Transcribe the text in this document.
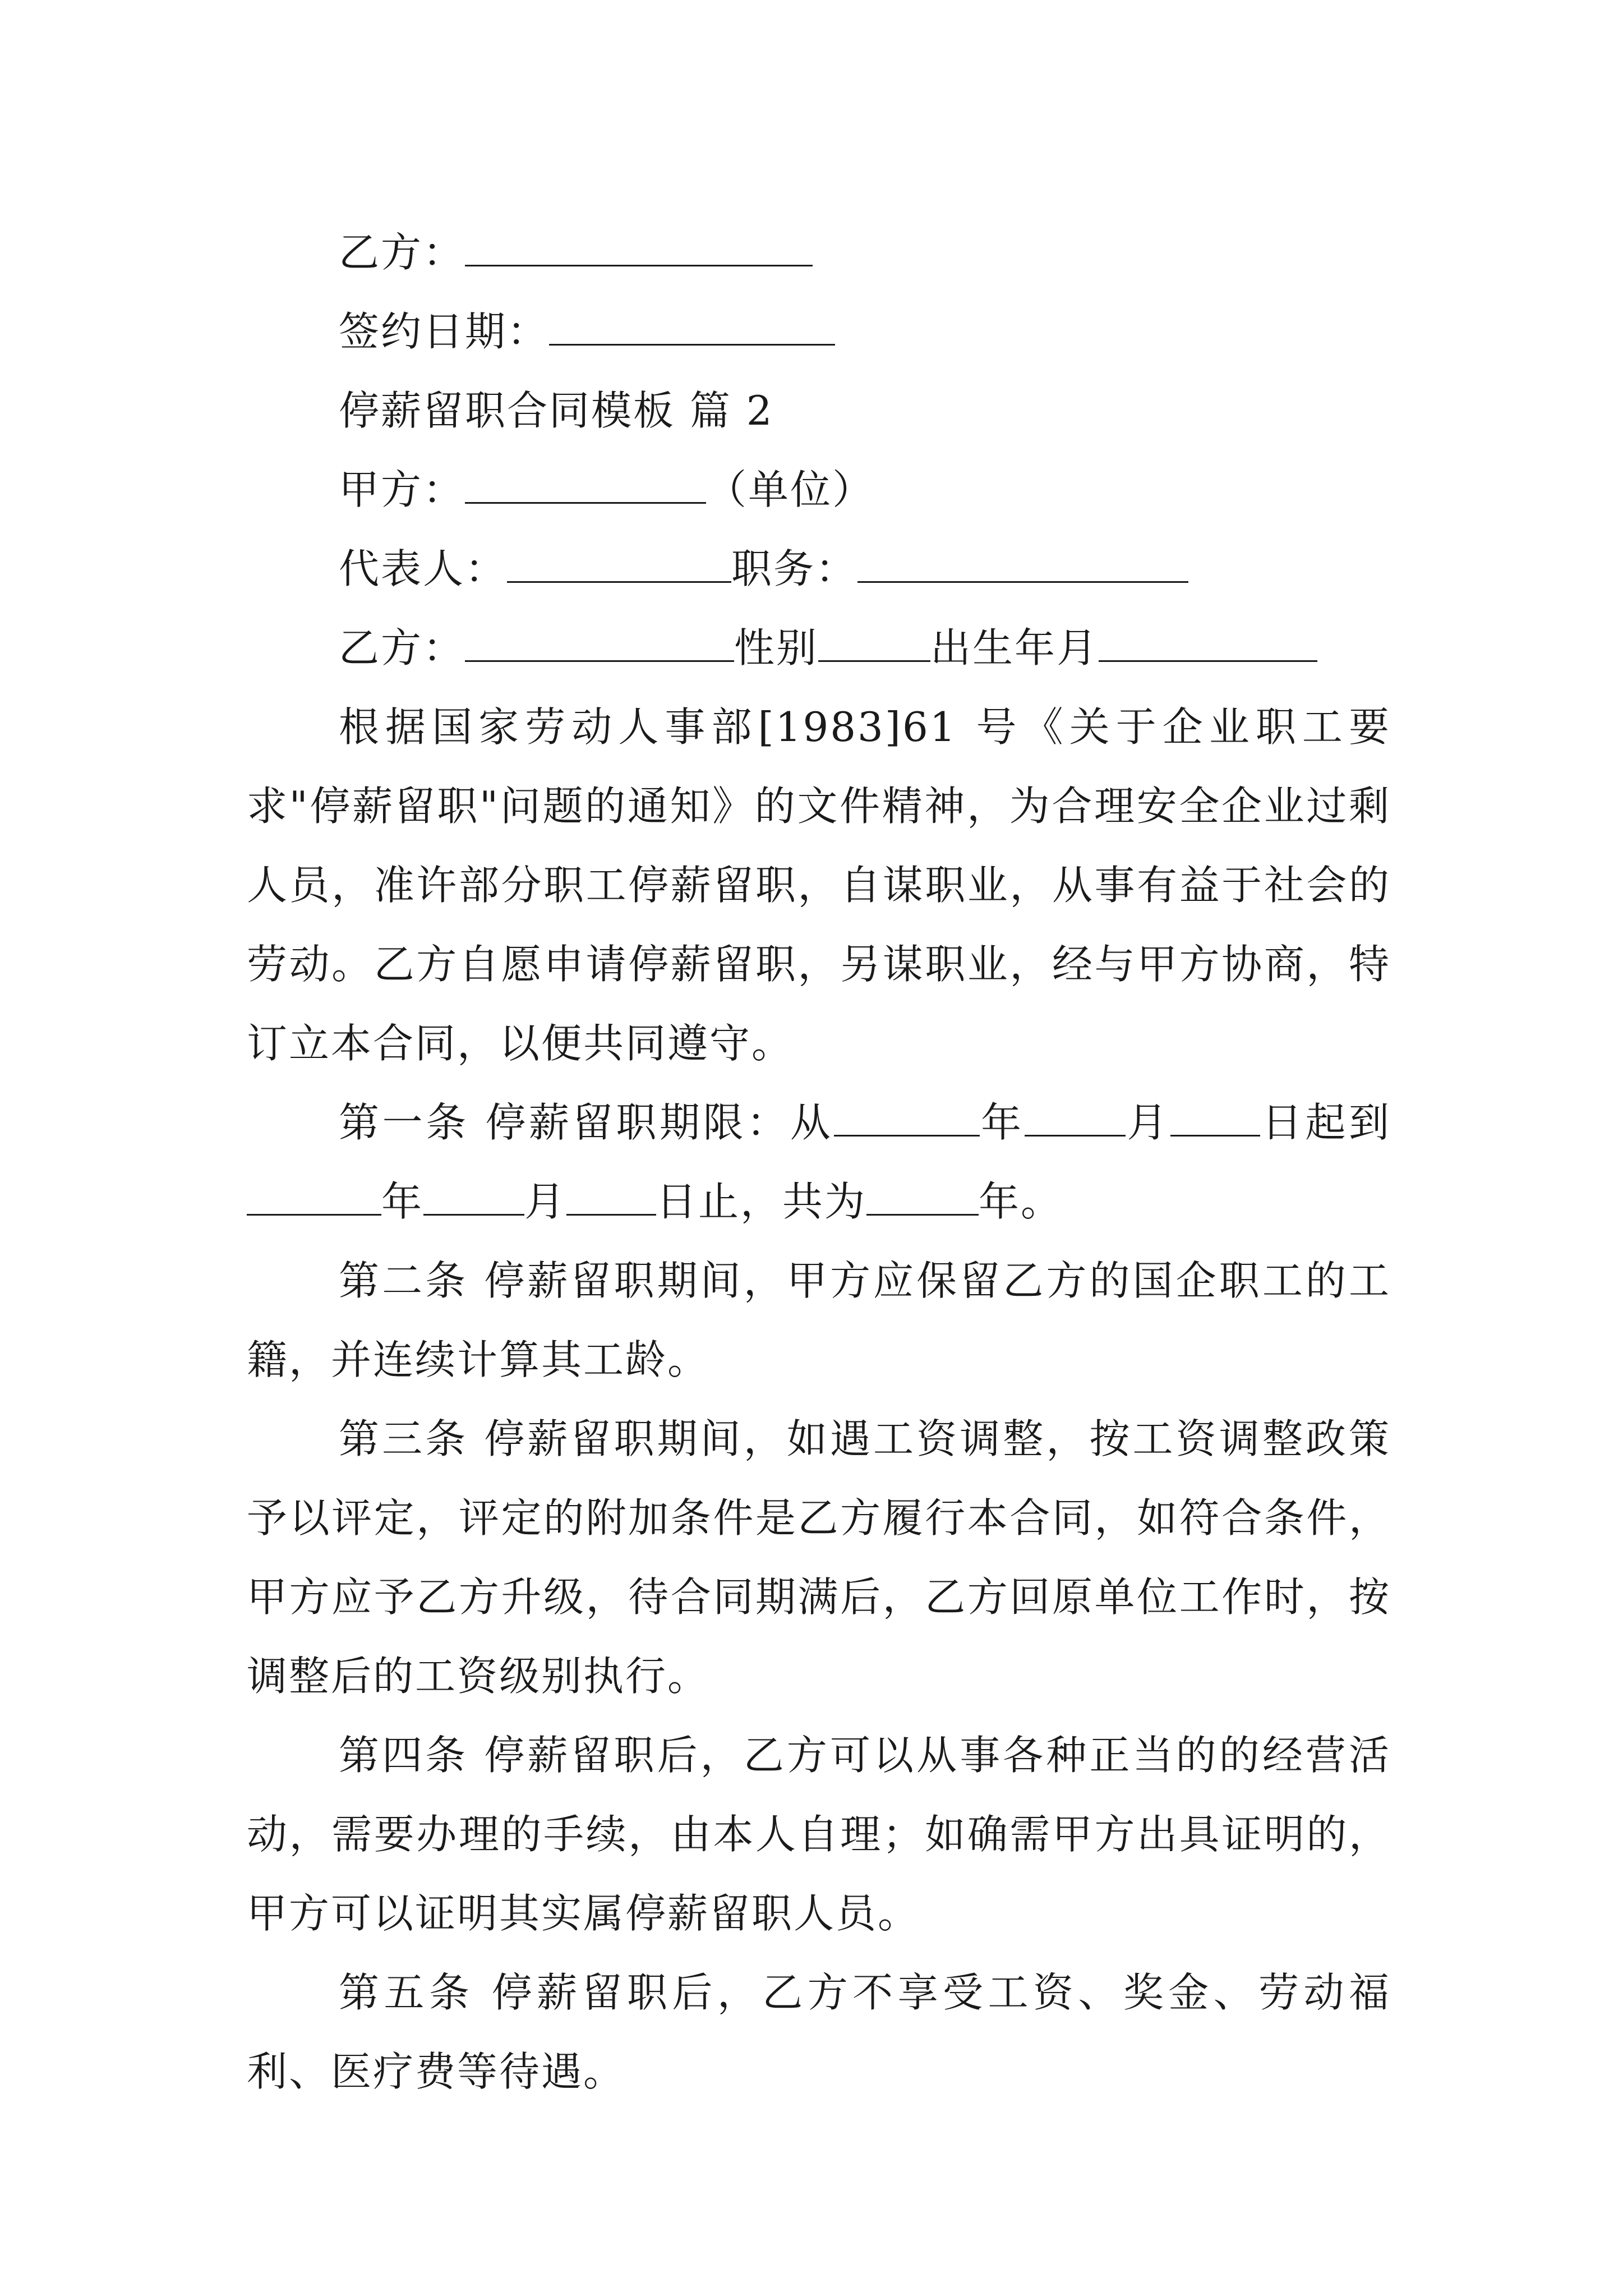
乙方：
签约日期：
停薪留职合同模板 篇 2
甲方：	（单位）
代表人：	职务：
乙方：	性别	出生年月
根据国家劳动人事部[1983]61 号《关于企业职工要求"停薪留职"问题的通知》的文件精神，为合理安全企业过剩人员，准许部分职工停薪留职，自谋职业，从事有益于社会的劳动。乙方自愿申请停薪留职，另谋职业，经与甲方协商，特订立本合同，以便共同遵守。
第一条 停薪留职期限：从	年	月 日起到年	月 日止，共为	年。
第二条 停薪留职期间，甲方应保留乙方的国企职工的工籍，并连续计算其工龄。
第三条 停薪留职期间，如遇工资调整，按工资调整政策予以评定，评定的附加条件是乙方履行本合同，如符合条件，甲方应予乙方升级，待合同期满后，乙方回原单位工作时，按调整后的工资级别执行。
第四条 停薪留职后，乙方可以从事各种正当的的经营活动，需要办理的手续，由本人自理；如确需甲方出具证明的，甲方可以证明其实属停薪留职人员。
第五条 停薪留职后，乙方不享受工资、奖金、劳动福利、医疗费等待遇。
